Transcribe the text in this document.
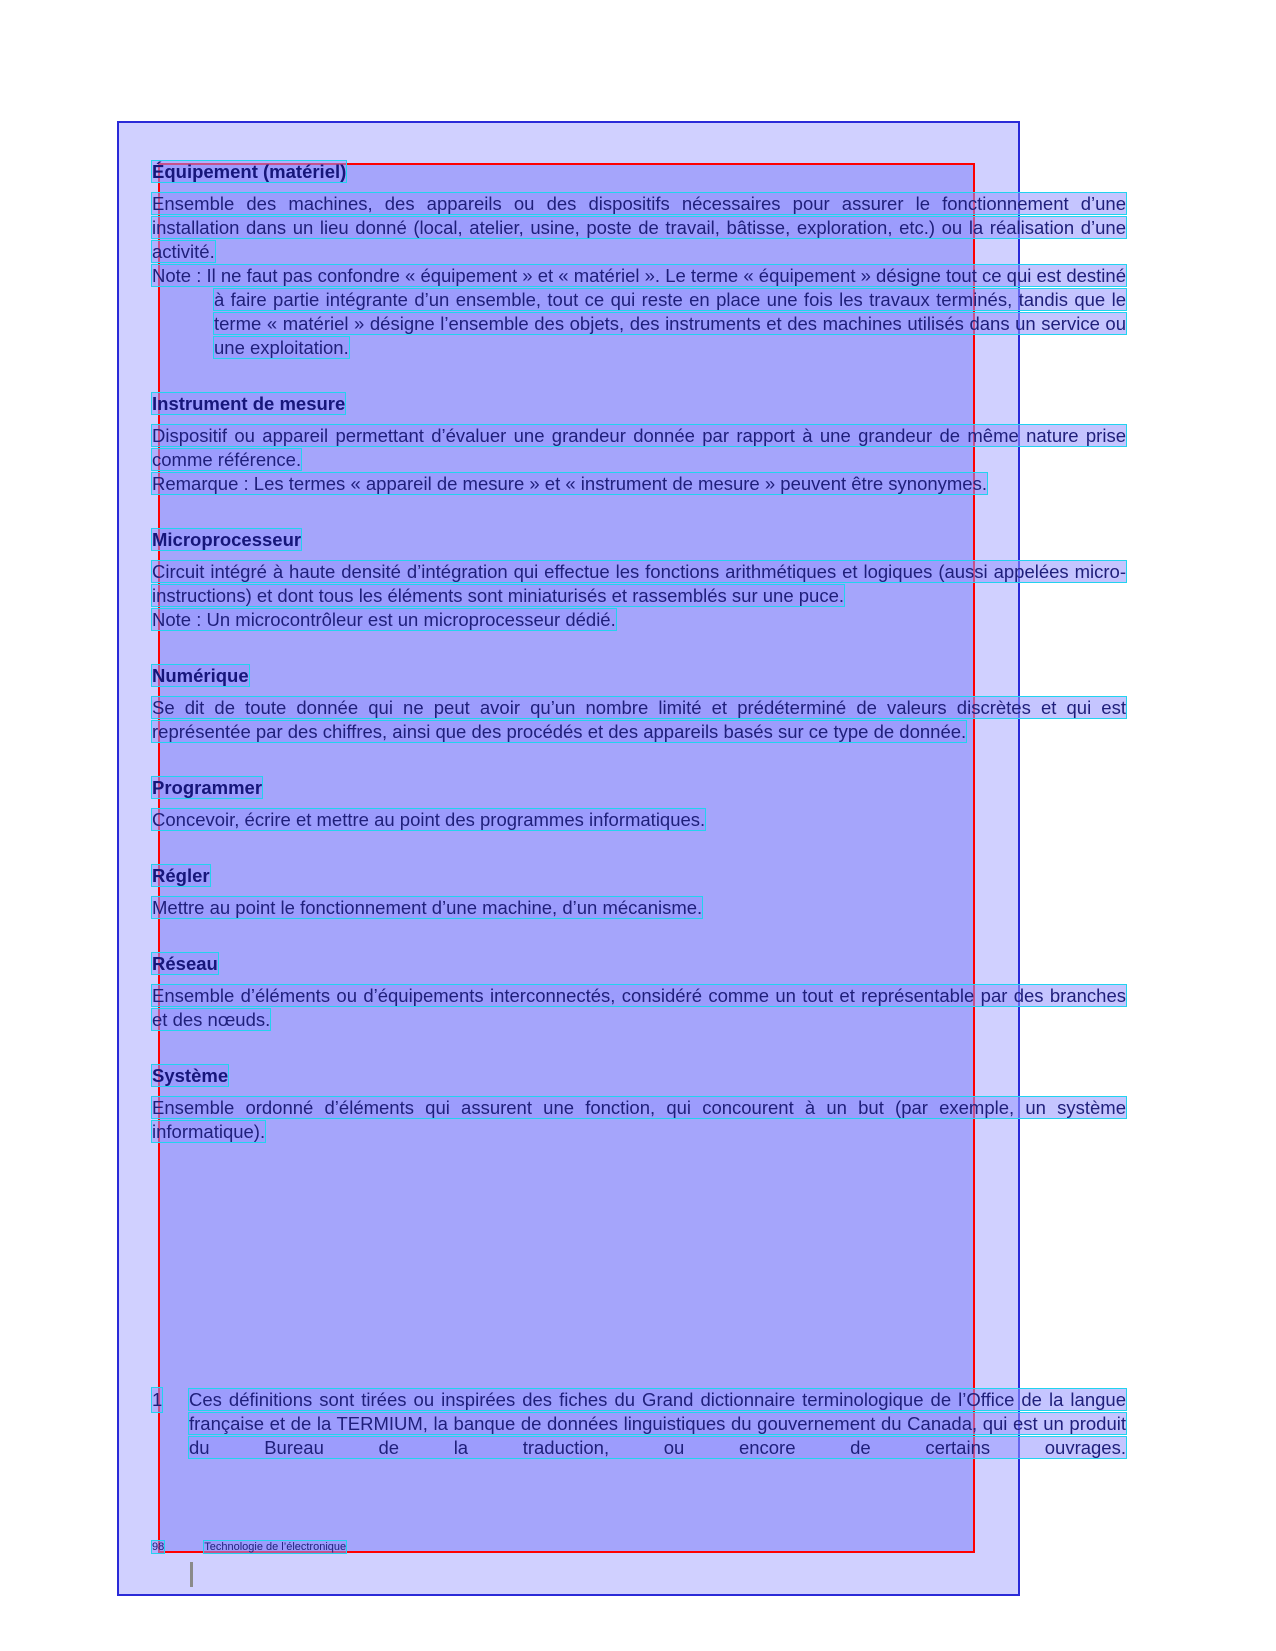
Équipement (matériel)

Ensemble des machines, des appareils ou des dispositifs nécessaires pour assurer le fonctionnement d’une installation dans un lieu donné (local, atelier, usine, poste de travail, bâtisse, exploration, etc.) ou la réalisation d’une activité.

Note : Il ne faut pas confondre « équipement » et « matériel ». Le terme « équipement » désigne tout ce qui est destiné à faire partie intégrante d’un ensemble, tout ce qui reste en place une fois les travaux terminés, tandis que le terme « matériel » désigne l’ensemble des objets, des instruments et des machines utilisés dans un service ou une exploitation.

Instrument de mesure

Dispositif ou appareil permettant d’évaluer une grandeur donnée par rapport à une grandeur de même nature prise comme référence.

Remarque : Les termes « appareil de mesure » et « instrument de mesure » peuvent être synonymes.

Microprocesseur

Circuit intégré à haute densité d’intégration qui effectue les fonctions arithmétiques et logiques (aussi appelées micro-instructions) et dont tous les éléments sont miniaturisés et rassemblés sur une puce.

Note : Un microcontrôleur est un microprocesseur dédié.

Numérique

Se dit de toute donnée qui ne peut avoir qu’un nombre limité et prédéterminé de valeurs discrètes et qui est représentée par des chiffres, ainsi que des procédés et des appareils basés sur ce type de donnée.

Programmer

Concevoir, écrire et mettre au point des programmes informatiques.

Régler

Mettre au point le fonctionnement d’une machine, d’un mécanisme.

Réseau

Ensemble d’éléments ou d’équipements interconnectés, considéré comme un tout et représentable par des branches et des nœuds.

Système

Ensemble ordonné d’éléments qui assurent une fonction, qui concourent à un but (par exemple, un système informatique).

1 Ces définitions sont tirées ou inspirées des fiches du Grand dictionnaire terminologique de l’Office de la langue française et de la TERMIUM, la banque de données linguistiques du gouvernement du Canada, qui est un produit du Bureau de la traduction, ou encore de certains ouvrages.

98	Technologie de l’électronique
